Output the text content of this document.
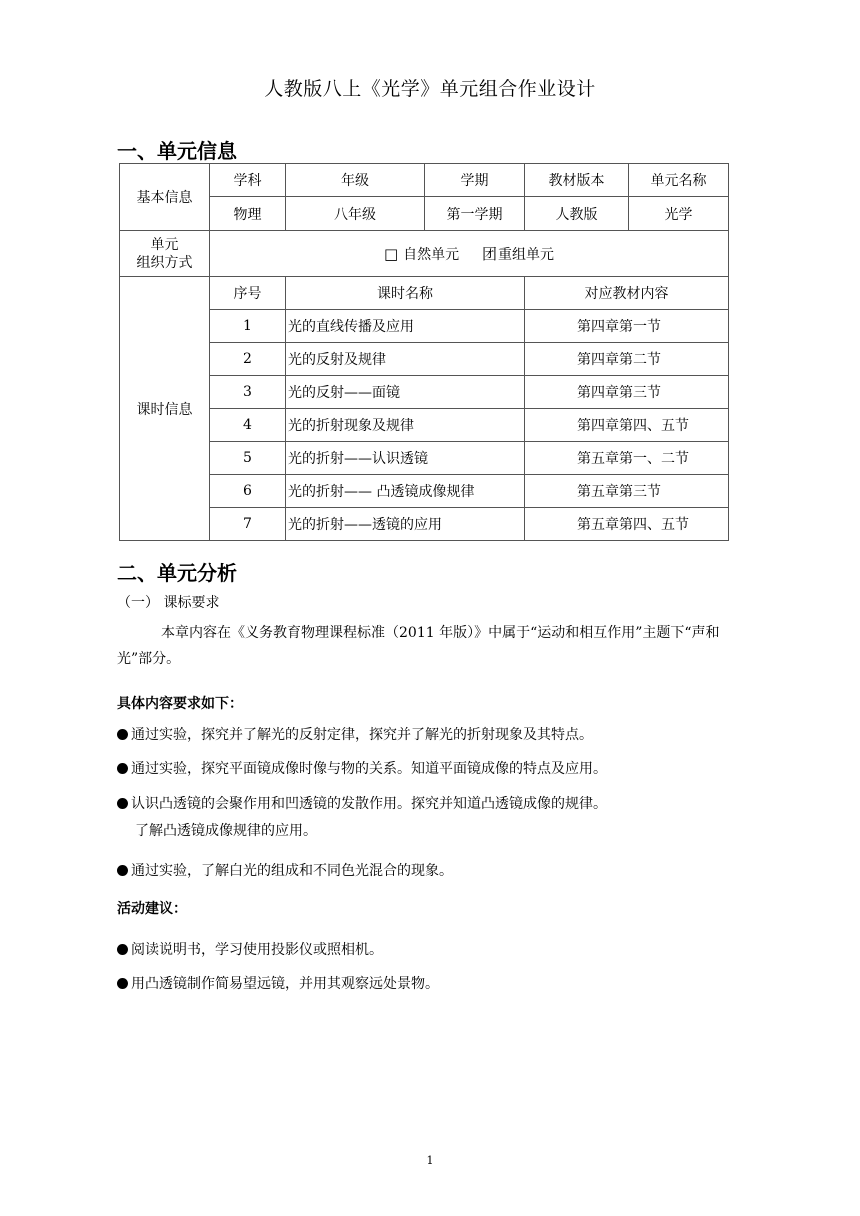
人教版八上《光学》单元组合作业设计
一、单元信息
基本信息	学科	年级	学期	教材版本	单元名称
	物理	八年级	第一学期	人教版	光学

单元
组织方式	□ 自然单元 团重组单元				
课时信息	序号	课时名称		对应教材内容	
	1	光的直线传播及应用		第四章第一节	
	2	光的反射及规律		第四章第二节	
	3	光的反射——面镜		第四章第三节	
	4	光的折射现象及规律		第四章第四、五节	
	5	光的折射——认识透镜		第五章第一、二节	
	6	光的折射—— 凸透镜成像规律		第五章第三节	
	7	光的折射——透镜的应用		第五章第四、五节	
二、单元分析
（一） 课标要求
本章内容在《义务教育物理课程标准（2011 年版）》中属于“运动和相互作用”主题下“声和光”部分。
具体内容要求如下：
通过实验，探究并了解光的反射定律，探究并了解光的折射现象及其特点。
通过实验，探究平面镜成像时像与物的关系。知道平面镜成像的特点及应用。
认识凸透镜的会聚作用和凹透镜的发散作用。探究并知道凸透镜成像的规律。
了解凸透镜成像规律的应用。
通过实验，了解白光的组成和不同色光混合的现象。
活动建议：
阅读说明书，学习使用投影仪或照相机。
用凸透镜制作简易望远镜，并用其观察远处景物。
1
